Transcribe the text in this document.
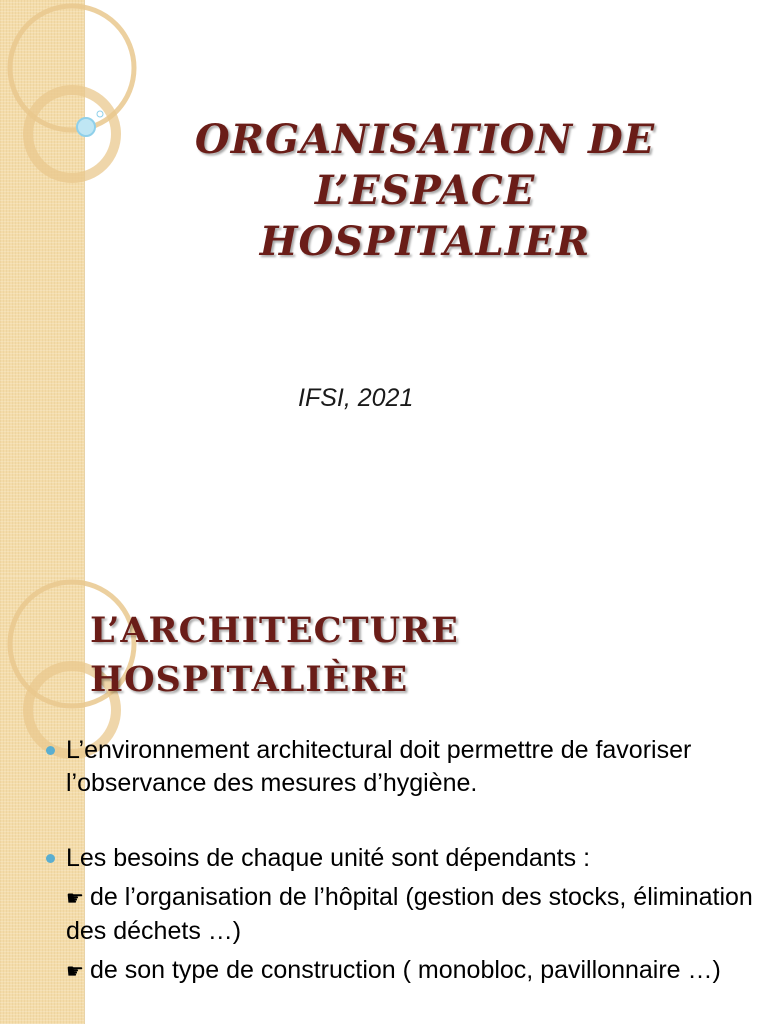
ORGANISATION DE
L’ESPACE
HOSPITALIER
IFSI, 2021
L’ARCHITECTURE
HOSPITALIÈRE
L’environnement architectural doit permettre de favoriser l’observance des mesures d’hygiène.
Les besoins de chaque unité sont dépendants :
☛ de l’organisation de l’hôpital (gestion des stocks, élimination des déchets …)
☛ de son type de construction ( monobloc, pavillonnaire …)
